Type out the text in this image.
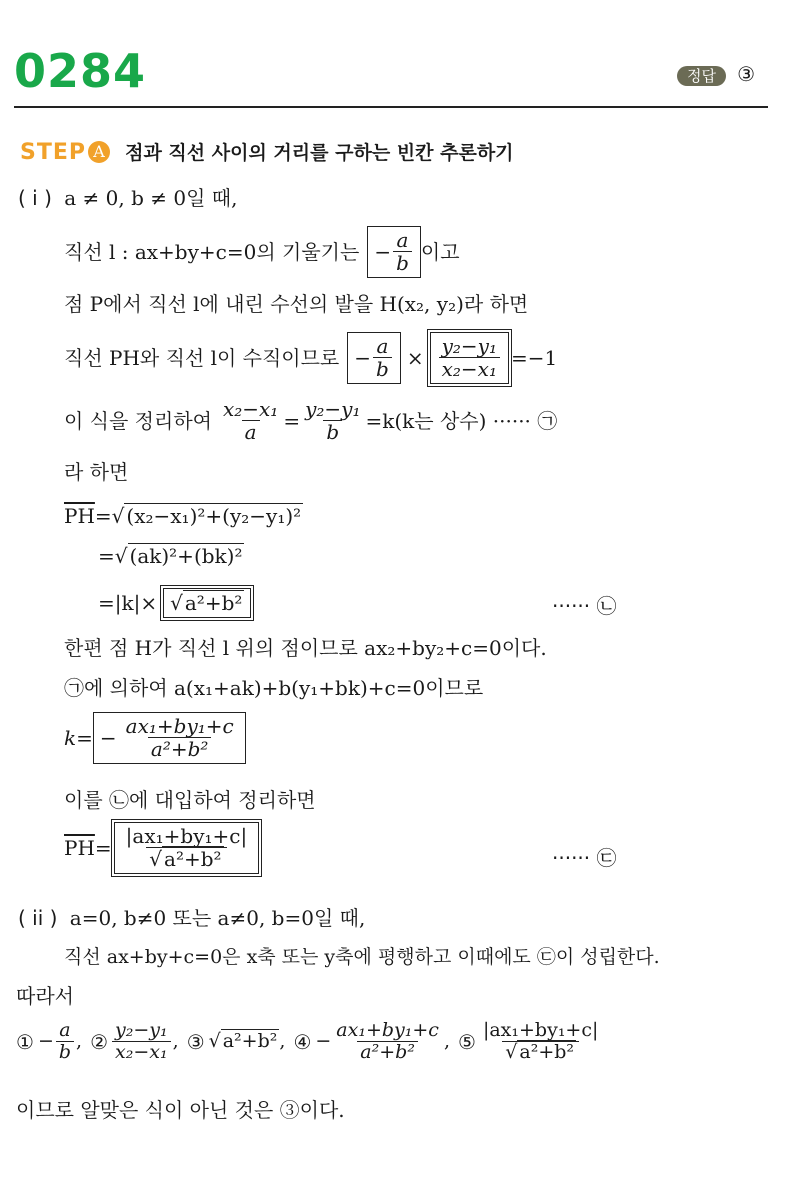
0284	정답 ③
STEP A 점과 직선 사이의 거리를 구하는 빈칸 추론하기
( i ) a ≠ 0, b ≠ 0일 때,
직선 l : ax+by+c=0의 기울기는 − $\frac{a}{b}$ 이고
점 P에서 직선 l에 내린 수선의 발을 H(x₂, y₂)라 하면
직선 PH와 직선 l이 수직이므로 − $\frac{a}{b} \times \frac{\text{y₂−y₁}}{\text{x₂−x₁}} =-1$
이 식을 정리하여 $\frac{\text{x₂−x₁}}{a} = \frac{\text{y₂−y₁}}{b} =k(k$는 상수) ······ ㉠
라 하면
$\overline{PH}=√$ (x₂−x₁)²+(y₂−y₁)²
=√ (ak)²+(bk)²
=|k|× √ a²+b²	······ ㉡
한편 점 H가 직선 l 위의 점이므로 ax₂+by₂+c=0이다.
㉠에 의하여 a(x₁+ak)+b(y₁+bk)+c=0이므로
$k= - \frac{\text{ax₁+by₁+c}}{\text{a²+b²}}$
이를 ㉡에 대입하여 정리하면
$\overline{PH} = \frac{\text{|ax₁+by₁+c|}}{\text{√ a²+b²}}$	······ ㉢
( ii ) a=0, b≠0 또는 a≠0, b=0일 때,
직선 ax+by+c=0은 x축 또는 y축에 평행하고 이때에도 ㉢이 성립한다.
따라서
① − $\frac{a}{b}$ , ② $\frac{\text{y₂−y₁}}{\text{x₂−x₁}}$ , ③ √ a²+b² , ④ − $\frac{\text{ax₁+by₁+c}}{\text{a²+b²}}$ , ⑤ $\frac{\text{|ax₁+by₁+c|}}{\text{√ a²+b²}}$
이므로 알맞은 식이 아닌 것은 ③이다.
